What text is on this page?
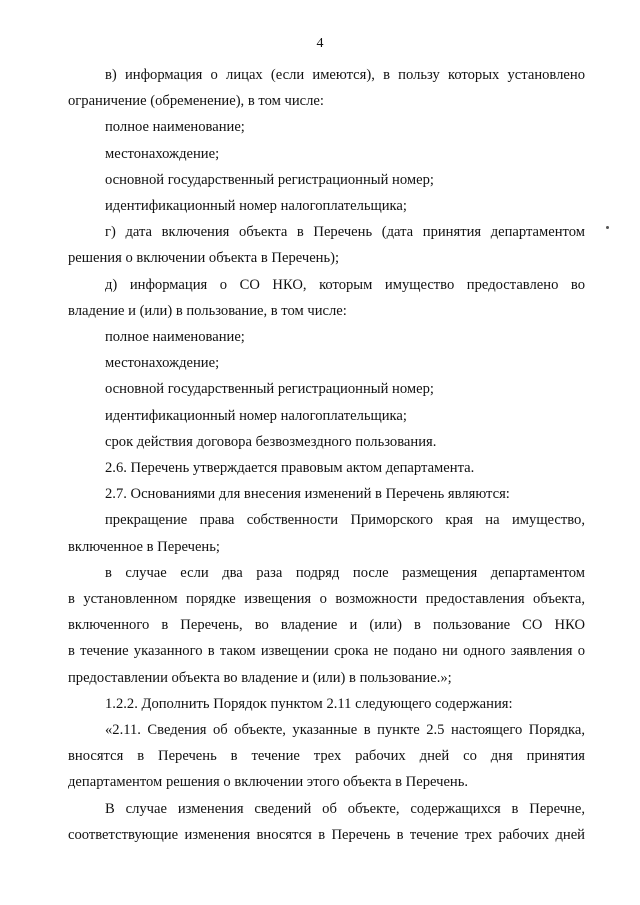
4
в) информация о лицах (если имеются), в пользу которых установлено
ограничение (обременение), в том числе:

полное наименование;

местонахождение;

основной государственный регистрационный номер;

идентификационный номер налогоплательщика;

г) дата включения объекта в Перечень (дата принятия департаментом
решения о включении объекта в Перечень);
д) информация о СО НКО, которым имущество предоставлено во
владение и (или) в пользование, в том числе:

полное наименование;

местонахождение;

основной государственный регистрационный номер;

идентификационный номер налогоплательщика;

срок действия договора безвозмездного пользования.

2.6. Перечень утверждается правовым актом департамента.

2.7. Основаниями для внесения изменений в Перечень являются:

прекращение права собственности Приморского края на имущество,
включенное в Перечень;
в случае если два раза подряд после размещения департаментом
в установленном порядке извещения о возможности предоставления объекта,
включенного в Перечень, во владение и (или) в пользование СО НКО
в течение указанного в таком извещении срока не подано ни одного заявления о
предоставлении объекта во владение и (или) в пользование.»;

1.2.2. Дополнить Порядок пунктом 2.11 следующего содержания:

«2.11. Сведения об объекте, указанные в пункте 2.5 настоящего Порядка,
вносятся в Перечень в течение трех рабочих дней со дня принятия
департаментом решения о включении этого объекта в Перечень.
В случае изменения сведений об объекте, содержащихся в Перечне,
соответствующие изменения вносятся в Перечень в течение трех рабочих дней
